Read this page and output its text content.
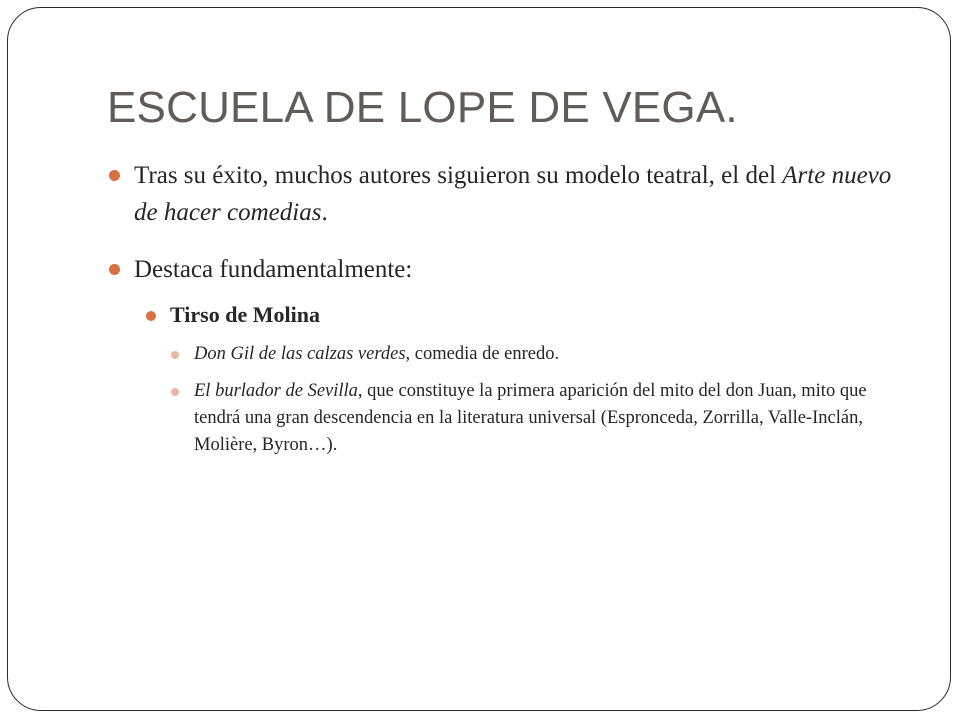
ESCUELA DE LOPE DE VEGA.
Tras su éxito, muchos autores siguieron su modelo teatral, el del Arte nuevo de hacer comedias.
Destaca fundamentalmente:
Tirso de Molina
Don Gil de las calzas verdes, comedia de enredo.
El burlador de Sevilla, que constituye la primera aparición del mito del don Juan, mito que tendrá una gran descendencia en la literatura universal (Espronceda, Zorrilla, Valle-Inclán, Molière, Byron…).
